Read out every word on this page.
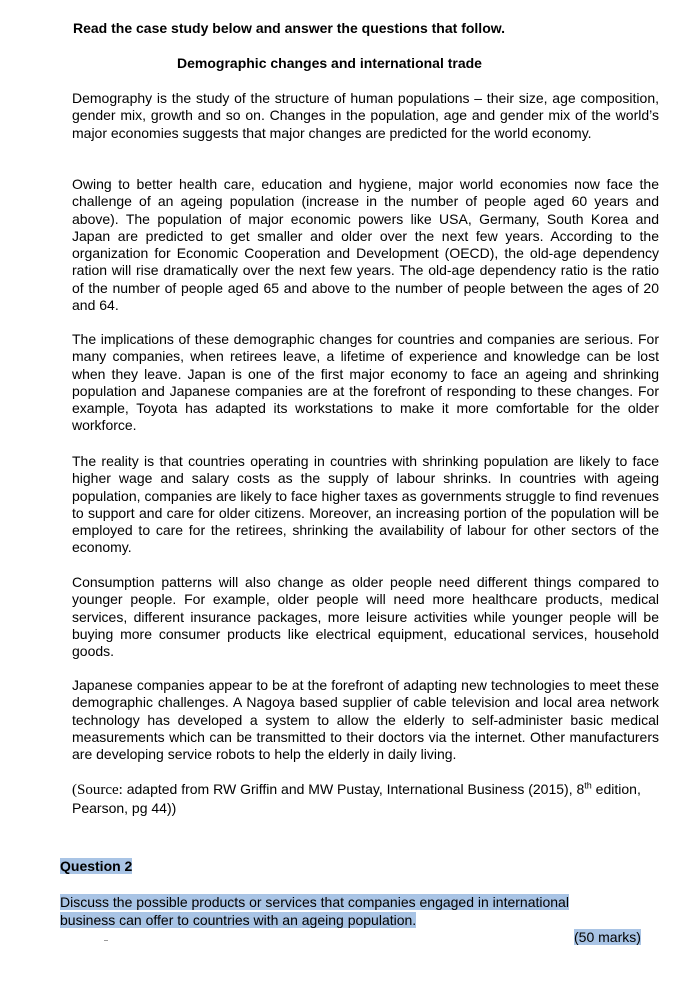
Read the case study below and answer the questions that follow.

Demographic changes and international trade

Demography is the study of the structure of human populations – their size, age composition, gender mix, growth and so on. Changes in the population, age and gender mix of the world’s major economies suggests that major changes are predicted for the world economy.

Owing to better health care, education and hygiene, major world economies now face the challenge of an ageing population (increase in the number of people aged 60 years and above). The population of major economic powers like USA, Germany, South Korea and Japan are predicted to get smaller and older over the next few years. According to the organization for Economic Cooperation and Development (OECD), the old-age dependency ration will rise dramatically over the next few years. The old-age dependency ratio is the ratio of the number of people aged 65 and above to the number of people between the ages of 20 and 64.

The implications of these demographic changes for countries and companies are serious. For many companies, when retirees leave, a lifetime of experience and knowledge can be lost when they leave. Japan is one of the first major economy to face an ageing and shrinking population and Japanese companies are at the forefront of responding to these changes. For example, Toyota has adapted its workstations to make it more comfortable for the older workforce.

The reality is that countries operating in countries with shrinking population are likely to face higher wage and salary costs as the supply of labour shrinks. In countries with ageing population, companies are likely to face higher taxes as governments struggle to find revenues to support and care for older citizens. Moreover, an increasing portion of the population will be employed to care for the retirees, shrinking the availability of labour for other sectors of the economy.

Consumption patterns will also change as older people need different things compared to younger people. For example, older people will need more healthcare products, medical services, different insurance packages, more leisure activities while younger people will be buying more consumer products like electrical equipment, educational services, household goods.

Japanese companies appear to be at the forefront of adapting new technologies to meet these demographic challenges. A Nagoya based supplier of cable television and local area network technology has developed a system to allow the elderly to self-administer basic medical measurements which can be transmitted to their doctors via the internet. Other manufacturers are developing service robots to help the elderly in daily living.

(Source: adapted from RW Griffin and MW Pustay, International Business (2015), 8th edition, Pearson, pg 44))

Question 2

Discuss the possible products or services that companies engaged in international
business can offer to countries with an ageing population.

(50 marks)
